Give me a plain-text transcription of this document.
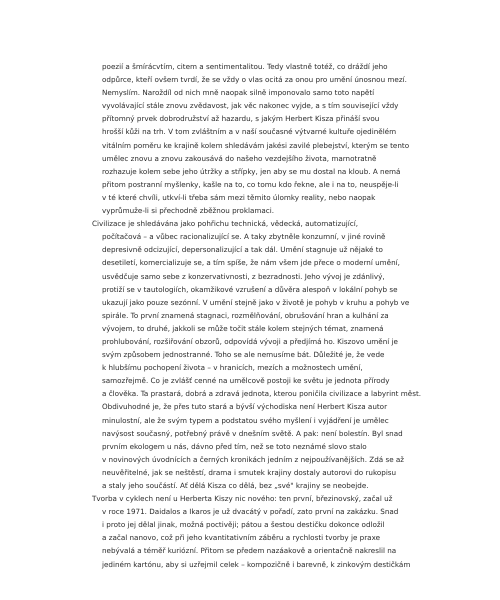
poezií a šmírácvtím, citem a sentimentalitou. Tedy vlastně totéž, co dráždí jeho
odpůrce, kteří ovšem tvrdí, že se vždy o vlas ocitá za onou pro umění únosnou mezí.
Nemyslím. Naroždíl od nich mně naopak silně imponovalo samo toto napětí
vyvolávající stále znovu zvědavost, jak věc nakonec vyjde, a s tím související vždy
přítomný prvek dobrodružství až hazardu, s jakým Herbert Kisza přináší svou
hrošší kůži na trh. V tom zvláštním a v naší současné výtvarné kultuře ojedinělém
vitálním poměru ke krajině kolem shledávám jakési zavilé plebejství, kterým se tento
umělec znovu a znovu zakousává do našeho vezdejšího života, marnotratně
rozhazuje kolem sebe jeho útržky a střípky, jen aby se mu dostal na kloub. A nemá
přitom postranní myšlenky, kašle na to, co tomu kdo řekne, ale i na to, neuspěje-li
v té které chvíli, utkví-li třeba sám mezi těmito úlomky reality, nebo naopak
vyprůmuže-li si přechodně zběžnou proklamaci.
Civilizace je shledávána jako pohřichu technická, vědecká, automatizující,
počítačová – a vůbec racionalizující se. A taky zbytněle konzumní, v jiné rovině
depresivně odcizující, depersonalizující a tak dál. Umění stagnuje už nějaké to
desetiletí, komercializuje se, a tím spíše, že nám všem jde přece o moderní umění,
usvědčuje samo sebe z konzervativnosti, z bezradnosti. Jeho vývoj je zdánlivý,
protiží se v tautologiích, okamžikové vzrušení a důvěra alespoň v lokální pohyb se
ukazují jako pouze sezónní. V umění stejně jako v životě je pohyb v kruhu a pohyb ve
spirále. To první znamená stagnaci, rozmělňování, obrušování hran a kulhání za
vývojem, to druhé, jakkoli se může točit stále kolem stejných témat, znamená
prohlubování, rozšiřování obzorů, odpovídá vývoji a předjímá ho. Kiszovo umění je
svým způsobem jednostranné. Toho se ale nemusíme bát. Důležité je, že vede
k hlubšímu pochopení života – v hranicích, mezích a možnostech umění,
samozřejmě. Co je zvlášť cenné na umělcově postoji ke světu je jednota přírody
a člověka. Ta prastará, dobrá a zdravá jednota, kterou poničila civilizace a labyrint měst.
Obdivuhodné je, že přes tuto stará a bývší východiska není Herbert Kisza autor
minulostní, ale že svým typem a podstatou svého myšlení i vyjádření je umělec
navýsost současný, potřebný právě v dnešním světě. A pak: není bolestín. Byl snad
prvním ekologem u nás, dávno před tím, než se toto neznámé slovo stalo
v novinových úvodnících a černých kronikách jedním z nejpoužívanějších. Zdá se až
neuvěřitelné, jak se neštěstí, drama i smutek krajiny dostaly autorovi do rukopisu
a staly jeho součástí. Ať dělá Kisza co dělá, bez „své" krajiny se neobejde.
Tvorba v cyklech není u Herberta Kiszy nic nového: ten první, březinovský, začal už
v roce 1971. Daidalos a Ikaros je už dvacátý v pořadí, zato první na zakázku. Snad
i proto jej dělal jinak, možná poctivěji; pátou a šestou destičku dokonce odložil
a začal nanovo, což při jeho kvantitativním záběru a rychlosti tvorby je praxe
nebývalá a téměř kuriózní. Přitom se předem nazáakově a orientačně nakreslil na
jediném kartónu, aby si uzřejmil celek – kompozičně i barevně, k zinkovým destičkám
